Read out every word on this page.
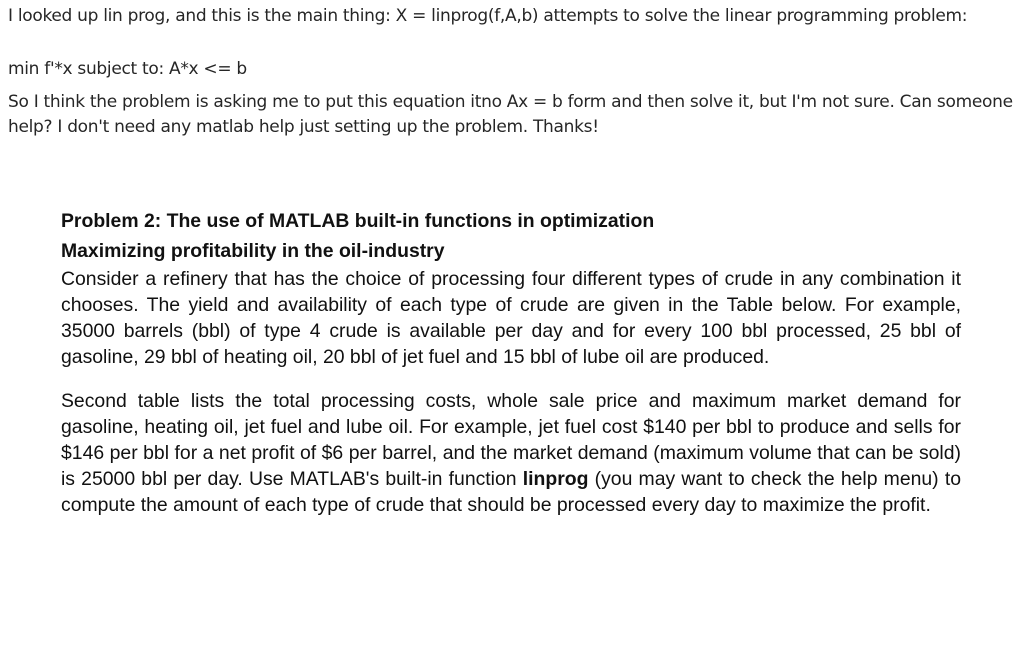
I looked up lin prog, and this is the main thing: X = linprog(f,A,b) attempts to solve the linear programming problem:

min f'*x subject to: A*x <= b

So I think the problem is asking me to put this equation itno Ax = b form and then solve it, but I'm not sure. Can someone help? I don't need any matlab help just setting up the problem. Thanks!

Problem 2: The use of MATLAB built-in functions in optimization
Maximizing profitability in the oil-industry

Consider a refinery that has the choice of processing four different types of crude in any combination it chooses. The yield and availability of each type of crude are given in the Table below. For example, 35000 barrels (bbl) of type 4 crude is available per day and for every 100 bbl processed, 25 bbl of gasoline, 29 bbl of heating oil, 20 bbl of jet fuel and 15 bbl of lube oil are produced.

Second table lists the total processing costs, whole sale price and maximum market demand for gasoline, heating oil, jet fuel and lube oil. For example, jet fuel cost $140 per bbl to produce and sells for $146 per bbl for a net profit of $6 per barrel, and the market demand (maximum volume that can be sold) is 25000 bbl per day. Use MATLAB's built-in function linprog (you may want to check the help menu) to compute the amount of each type of crude that should be processed every day to maximize the profit.
